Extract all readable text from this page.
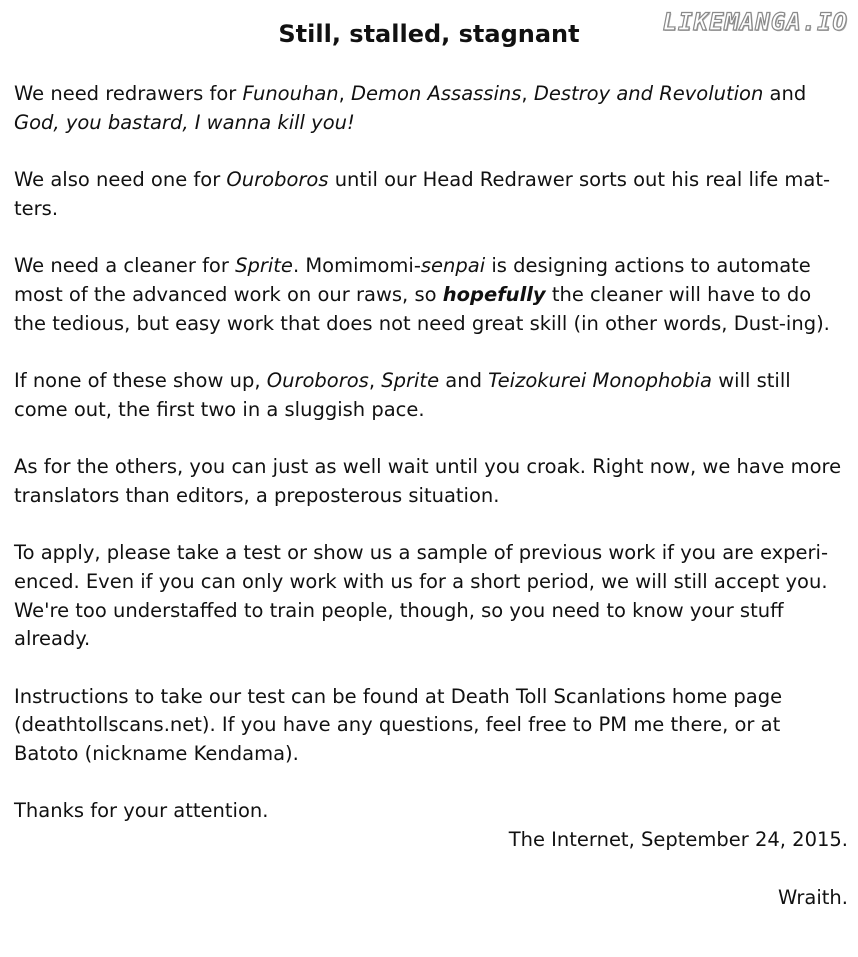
LIKEMANGA.IO
Still, stalled, stagnant

We need redrawers for Funouhan, Demon Assassins, Destroy and Revolution and God, you bastard, I wanna kill you!

We also need one for Ouroboros until our Head Redrawer sorts out his real life mat-ters.

We need a cleaner for Sprite. Momimomi-senpai is designing actions to automate most of the advanced work on our raws, so hopefully the cleaner will have to do the tedious, but easy work that does not need great skill (in other words, Dust-ing).

If none of these show up, Ouroboros, Sprite and Teizokurei Monophobia will still come out, the first two in a sluggish pace.

As for the others, you can just as well wait until you croak. Right now, we have more translators than editors, a preposterous situation.

To apply, please take a test or show us a sample of previous work if you are experi-enced. Even if you can only work with us for a short period, we will still accept you. We're too understaffed to train people, though, so you need to know your stuff already.

Instructions to take our test can be found at Death Toll Scanlations home page (deathtollscans.net). If you have any questions, feel free to PM me there, or at Batoto (nickname Kendama).

Thanks for your attention.

The Internet, September 24, 2015.
Wraith.
